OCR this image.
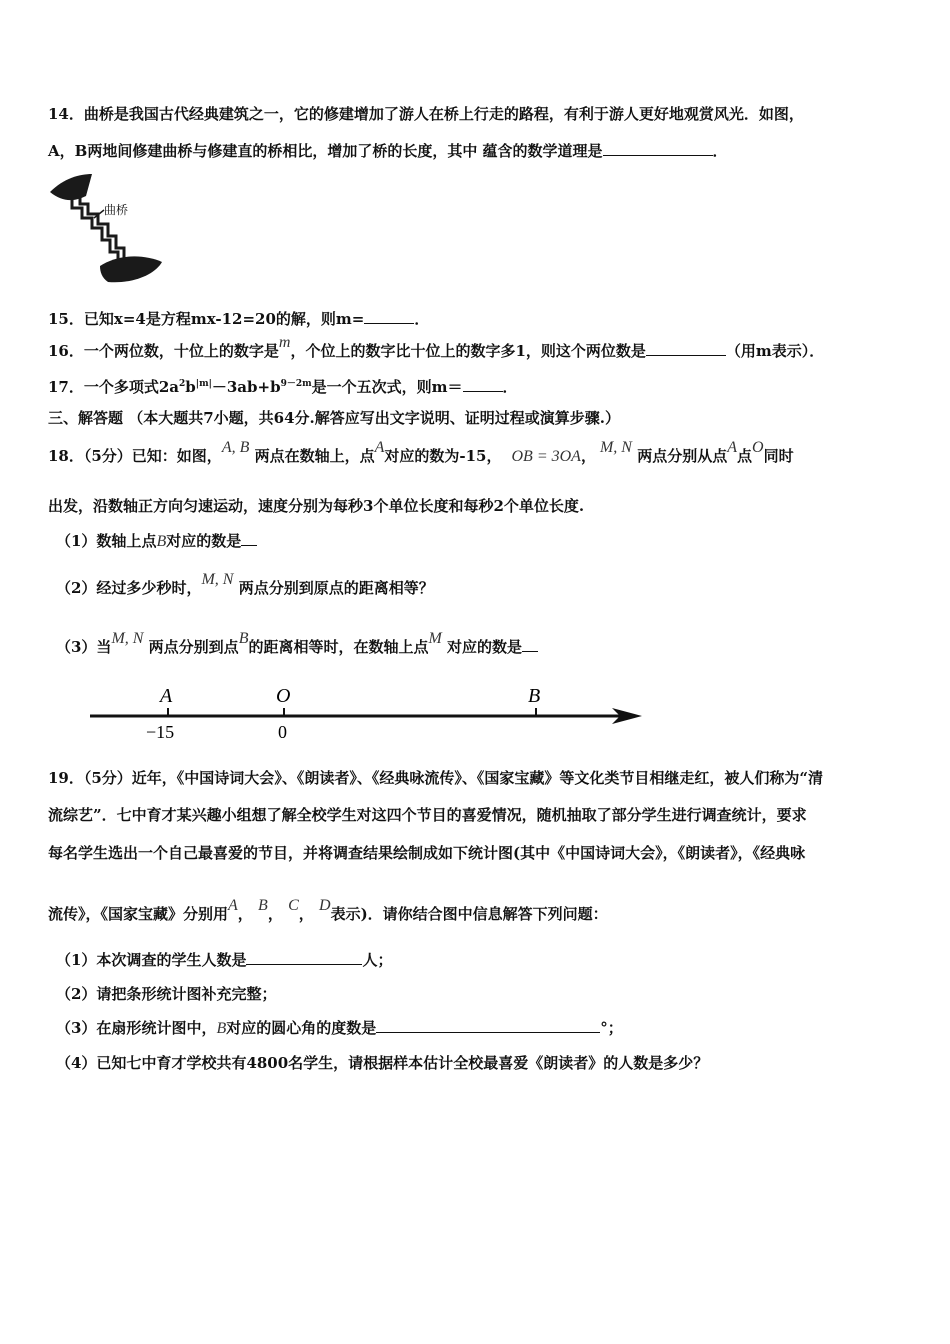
14．曲桥是我国古代经典建筑之一，它的修建增加了游人在桥上行走的路程，有利于游人更好地观赏风光．如图，
A，B两地间修建曲桥与修建直的桥相比，增加了桥的长度，其中 蕴含的数学道理是	．
曲桥
15．已知x=4是方程mx-12=20的解，则m=	．
16．一个两位数，十位上的数字是m，个位上的数字比十位上的数字多1，则这个两位数是	（用m表示）．
17．一个多项式$2a^2b^{|m|}-3ab+b^{9-2m}$是一个五次式，则m＝	．
三、解答题 （本大题共7小题，共64分.解答应写出文字说明、证明过程或演算步骤.）
18．（5分）已知：如图，A, B 两点在数轴上，点A对应的数为-15， OB = 3OA， M, N 两点分别从点A点O同时
出发，沿数轴正方向匀速运动，速度分别为每秒3个单位长度和每秒2个单位长度.
（1）数轴上点B对应的数是
（2）经过多少秒时，M, N 两点分别到原点的距离相等？
（3）当M, N 两点分别到点B的距离相等时，在数轴上点M 对应的数是
A	O	B
−15	0
19．（5分）近年，《中国诗词大会》、《朗读者》、《经典咏流传》、《国家宝藏》等文化类节目相继走红，被人们称为“清
流综艺”．七中育才某兴趣小组想了解全校学生对这四个节目的喜爱情况，随机抽取了部分学生进行调查统计，要求
每名学生选出一个自己最喜爱的节目，并将调查结果绘制成如下统计图(其中《中国诗词大会》，《朗读者》，《经典咏
流传》，《国家宝藏》分别用A， B， C， D表示)．请你结合图中信息解答下列问题：
（1）本次调查的学生人数是	人；
（2）请把条形统计图补充完整；
（3）在扇形统计图中，B对应的圆心角的度数是	°；
（4）已知七中育才学校共有4800名学生，请根据样本估计全校最喜爱《朗读者》的人数是多少？
